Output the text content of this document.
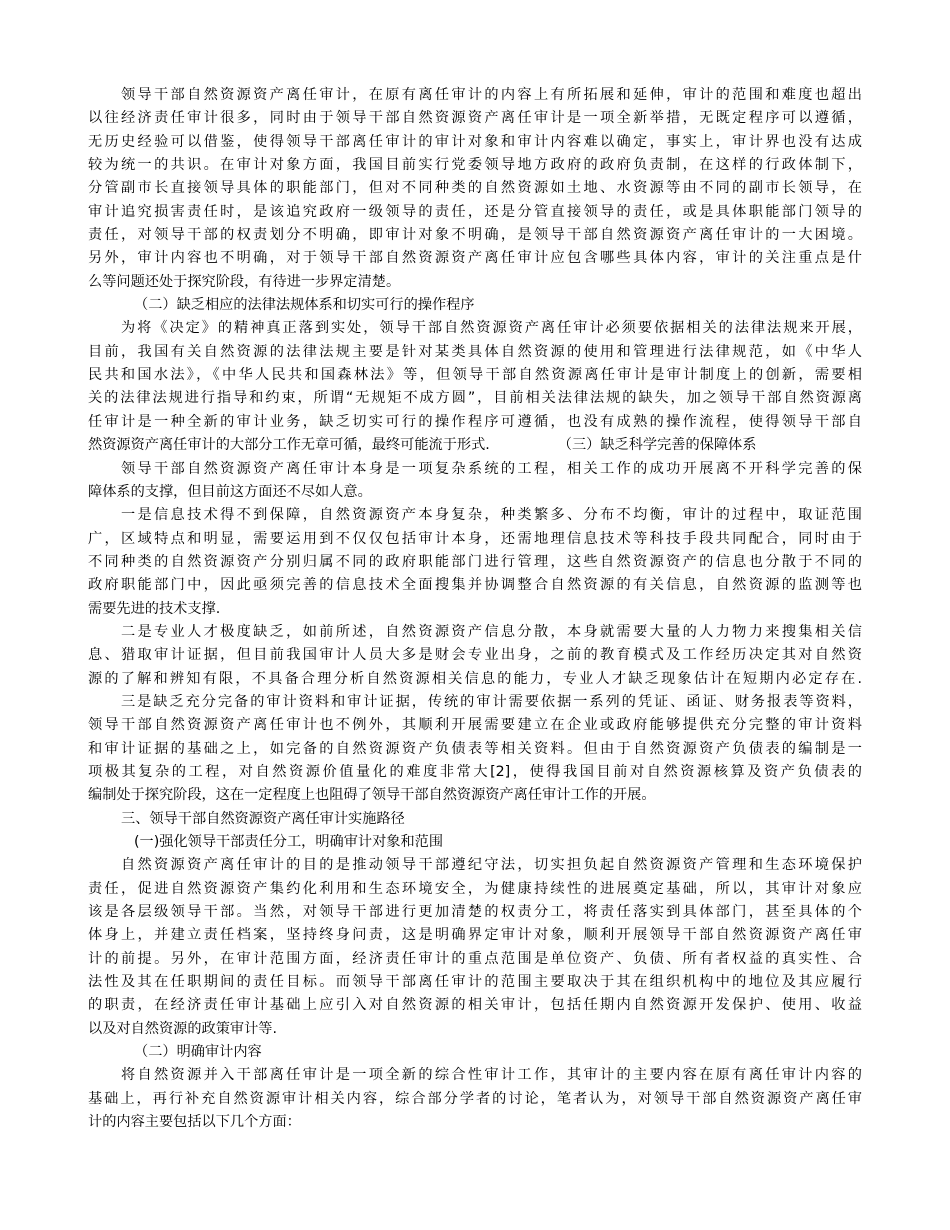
领导干部自然资源资产离任审计，在原有离任审计的内容上有所拓展和延伸，审计的范围和难度也超出
以往经济责任审计很多，同时由于领导干部自然资源资产离任审计是一项全新举措，无既定程序可以遵循，
无历史经验可以借鉴，使得领导干部离任审计的审计对象和审计内容难以确定，事实上，审计界也没有达成
较为统一的共识。在审计对象方面，我国目前实行党委领导地方政府的政府负责制，在这样的行政体制下，
分管副市长直接领导具体的职能部门，但对不同种类的自然资源如土地、水资源等由不同的副市长领导，在
审计追究损害责任时，是该追究政府一级领导的责任，还是分管直接领导的责任，或是具体职能部门领导的
责任，对领导干部的权责划分不明确，即审计对象不明确，是领导干部自然资源资产离任审计的一大困境。
另外，审计内容也不明确，对于领导干部自然资源资产离任审计应包含哪些具体内容，审计的关注重点是什
么等问题还处于探究阶段，有待进一步界定清楚。
（二）缺乏相应的法律法规体系和切实可行的操作程序
为将《决定》的精神真正落到实处，领导干部自然资源资产离任审计必须要依据相关的法律法规来开展，
目前，我国有关自然资源的法律法规主要是针对某类具体自然资源的使用和管理进行法律规范，如《中华人
民共和国水法》，《中华人民共和国森林法》等，但领导干部自然资源离任审计是审计制度上的创新，需要相
关的法律法规进行指导和约束，所谓“无规矩不成方圆”，目前相关法律法规的缺失，加之领导干部自然资源离
任审计是一种全新的审计业务，缺乏切实可行的操作程序可遵循，也没有成熟的操作流程，使得领导干部自
然资源资产离任审计的大部分工作无章可循，最终可能流于形式.	（三）缺乏科学完善的保障体系
领导干部自然资源资产离任审计本身是一项复杂系统的工程，相关工作的成功开展离不开科学完善的保
障体系的支撑，但目前这方面还不尽如人意。
一是信息技术得不到保障，自然资源资产本身复杂，种类繁多、分布不均衡，审计的过程中，取证范围
广，区域特点和明显，需要运用到不仅仅包括审计本身，还需地理信息技术等科技手段共同配合，同时由于
不同种类的自然资源资产分别归属不同的政府职能部门进行管理，这些自然资源资产的信息也分散于不同的
政府职能部门中，因此亟须完善的信息技术全面搜集并协调整合自然资源的有关信息，自然资源的监测等也
需要先进的技术支撑.
二是专业人才极度缺乏，如前所述，自然资源资产信息分散，本身就需要大量的人力物力来搜集相关信
息、猎取审计证据，但目前我国审计人员大多是财会专业出身，之前的教育模式及工作经历决定其对自然资
源的了解和辨知有限，不具备合理分析自然资源相关信息的能力，专业人才缺乏现象估计在短期内必定存在.
三是缺乏充分完备的审计资料和审计证据，传统的审计需要依据一系列的凭证、函证、财务报表等资料，
领导干部自然资源资产离任审计也不例外，其顺利开展需要建立在企业或政府能够提供充分完整的审计资料
和审计证据的基础之上，如完备的自然资源资产负债表等相关资料。但由于自然资源资产负债表的编制是一
项极其复杂的工程，对自然资源价值量化的难度非常大[2]，使得我国目前对自然资源核算及资产负债表的
编制处于探究阶段，这在一定程度上也阻碍了领导干部自然资源资产离任审计工作的开展。
三、领导干部自然资源资产离任审计实施路径
(一)强化领导干部责任分工，明确审计对象和范围
自然资源资产离任审计的目的是推动领导干部遵纪守法，切实担负起自然资源资产管理和生态环境保护
责任，促进自然资源资产集约化利用和生态环境安全，为健康持续性的进展奠定基础，所以，其审计对象应
该是各层级领导干部。当然，对领导干部进行更加清楚的权责分工，将责任落实到具体部门，甚至具体的个
体身上，并建立责任档案，坚持终身问责，这是明确界定审计对象，顺利开展领导干部自然资源资产离任审
计的前提。另外，在审计范围方面，经济责任审计的重点范围是单位资产、负债、所有者权益的真实性、合
法性及其在任职期间的责任目标。而领导干部离任审计的范围主要取决于其在组织机构中的地位及其应履行
的职责，在经济责任审计基础上应引入对自然资源的相关审计，包括任期内自然资源开发保护、使用、收益
以及对自然资源的政策审计等.
（二）明确审计内容
将自然资源并入干部离任审计是一项全新的综合性审计工作，其审计的主要内容在原有离任审计内容的
基础上，再行补充自然资源审计相关内容，综合部分学者的讨论，笔者认为，对领导干部自然资源资产离任审
计的内容主要包括以下几个方面：
